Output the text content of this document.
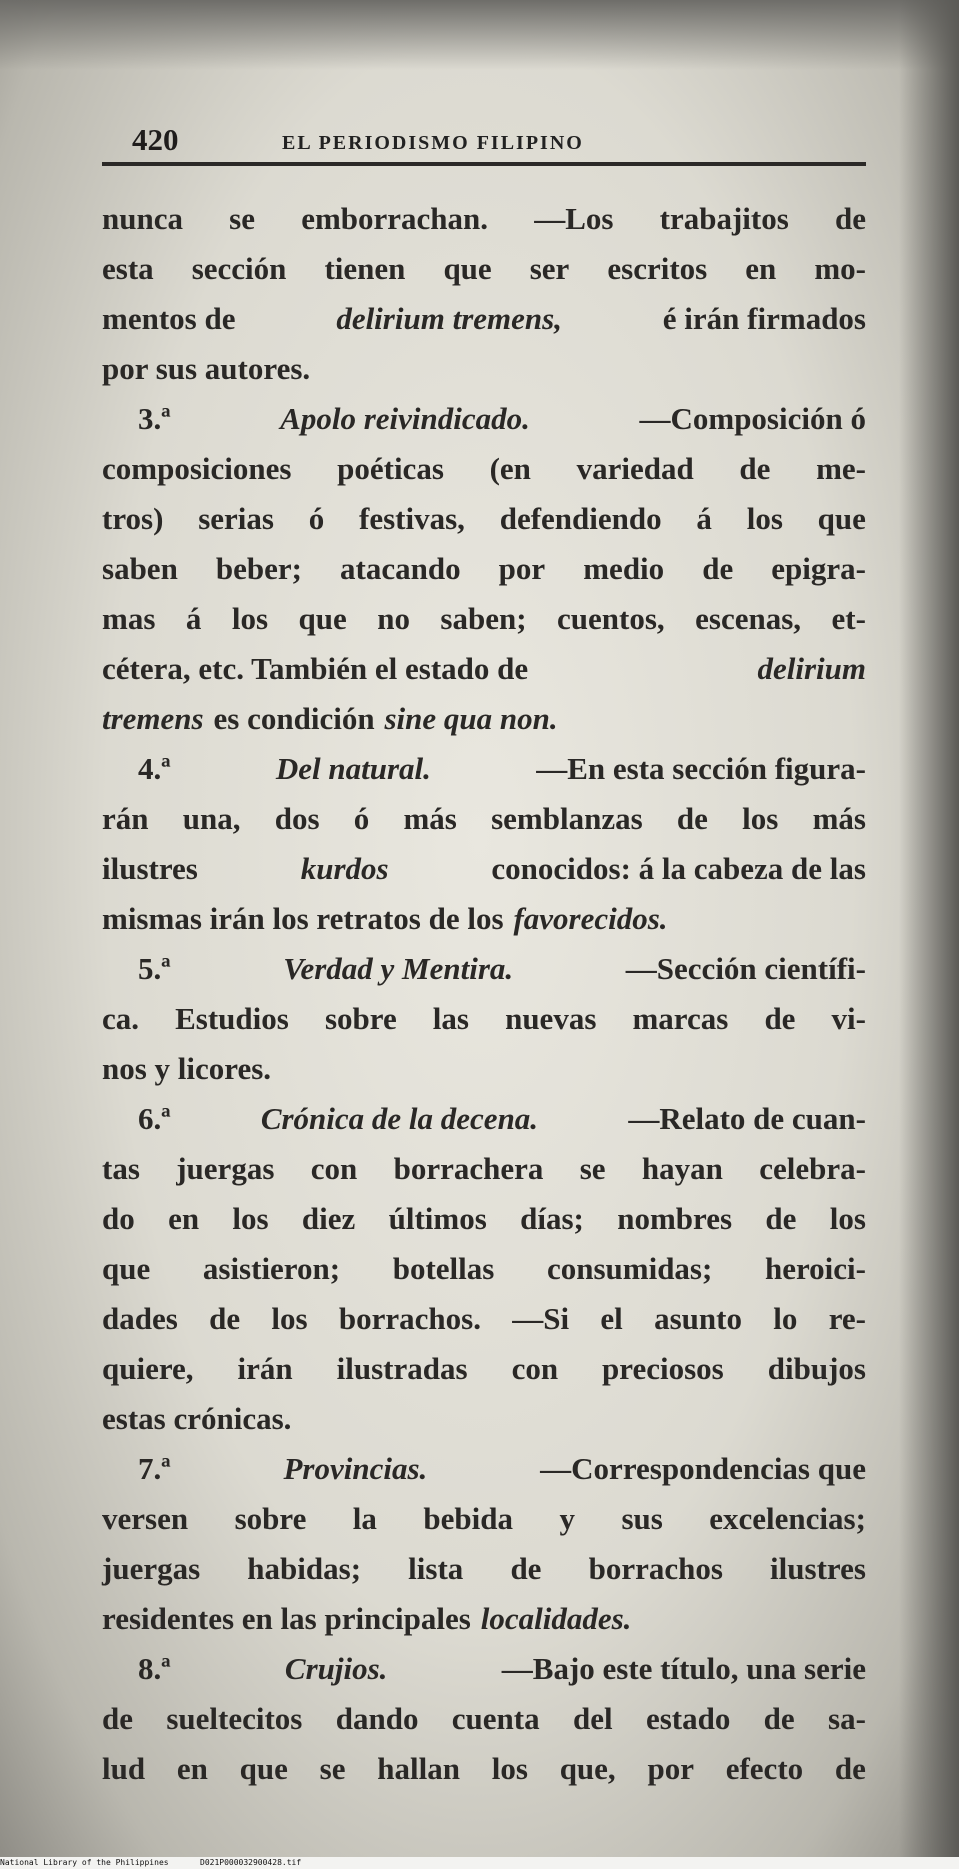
420	EL PERIODISMO FILIPINO
nunca se emborrachan. —Los trabajitos de
esta sección tienen que ser escritos en mo-
mentos de	delirium tremens,	é irán firmados
por sus autores.
3.ª	Apolo reivindicado.	—Composición ó
composiciones poéticas (en variedad de me-
tros) serias ó festivas, defendiendo á los que
saben beber; atacando por medio de epigra-
mas á los que no saben; cuentos, escenas, et-
cétera, etc. También el estado de	delirium
tremens es condición sine qua non.
4.ª	Del natural.	—En esta sección figura-
rán una, dos ó más semblanzas de los más
ilustres	kurdos	conocidos: á la cabeza de las
mismas irán los retratos de los favorecidos.
5.ª	Verdad y Mentira.	—Sección científi-
ca. Estudios sobre las nuevas marcas de vi-
nos y licores.
6.ª	Crónica de la decena.	—Relato de cuan-
tas juergas con borrachera se hayan celebra-
do en los diez últimos días; nombres de los
que asistieron; botellas consumidas; heroici-
dades de los borrachos. —Si el asunto lo re-
quiere, irán ilustradas con preciosos dibujos
estas crónicas.
7.ª	Provincias.	—Correspondencias que
versen sobre la bebida y sus excelencias;
juergas habidas; lista de borrachos ilustres
residentes en las principales localidades.
8.ª	Crujios.	—Bajo este título, una serie
de sueltecitos dando cuenta del estado de sa-
lud en que se hallan los que, por efecto de
National Library of the Philippines	D021P000032900428.tif
